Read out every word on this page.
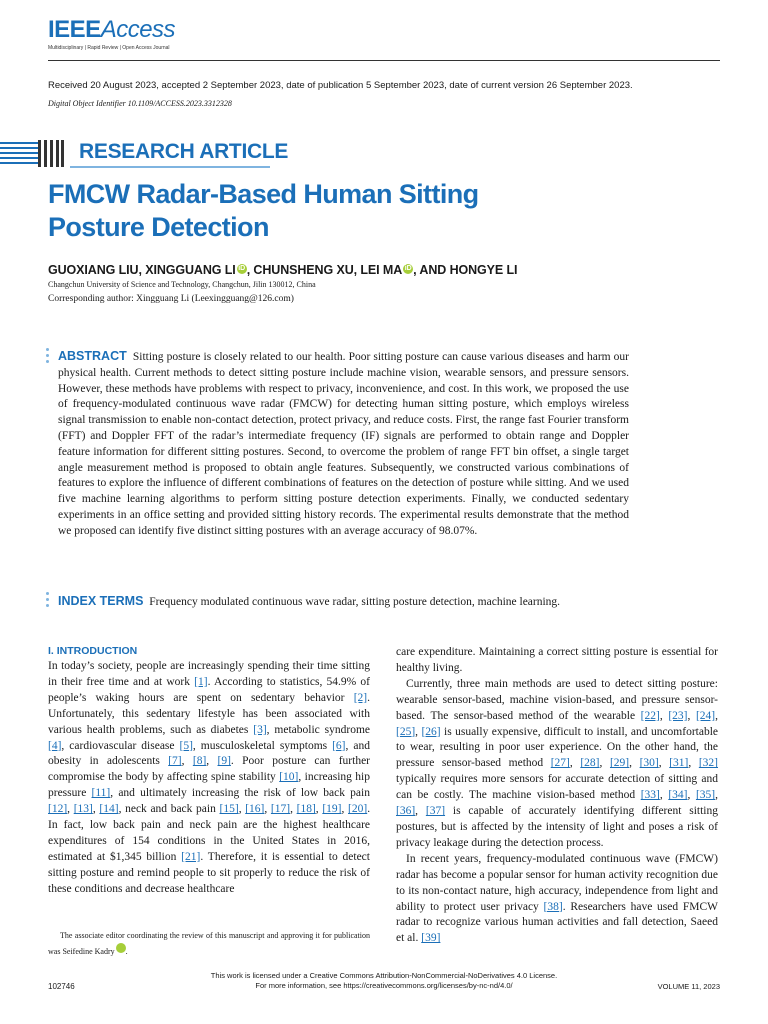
IEEEAccess
Multidisciplinary | Rapid Review | Open Access Journal
Received 20 August 2023, accepted 2 September 2023, date of publication 5 September 2023, date of current version 26 September 2023.
Digital Object Identifier 10.1109/ACCESS.2023.3312328
RESEARCH ARTICLE
FMCW Radar-Based Human Sitting
Posture Detection
GUOXIANG LIU, XINGGUANG LI iD , CHUNSHENG XU, LEI MA iD , AND HONGYE LI
Changchun University of Science and Technology, Changchun, Jilin 130012, China
Corresponding author: Xingguang Li (Leexingguang@126.com)
ABSTRACT Sitting posture is closely related to our health. Poor sitting posture can cause various diseases and harm our physical health. Current methods to detect sitting posture include machine vision, wearable sensors, and pressure sensors. However, these methods have problems with respect to privacy, inconvenience, and cost. In this work, we proposed the use of frequency-modulated continuous wave radar (FMCW) for detecting human sitting posture, which employs wireless signal transmission to enable non-contact detection, protect privacy, and reduce costs. First, the range fast Fourier transform (FFT) and Doppler FFT of the radar’s intermediate frequency (IF) signals are performed to obtain range and Doppler feature information for different sitting postures. Second, to overcome the problem of range FFT bin offset, a single target angle measurement method is proposed to obtain angle features. Subsequently, we constructed various combinations of features to explore the influence of different combinations of features on the detection of posture while sitting. And we used five machine learning algorithms to perform sitting posture detection experiments. Finally, we conducted sedentary experiments in an office setting and provided sitting history records. The experimental results demonstrate that the method we proposed can identify five distinct sitting postures with an average accuracy of 98.07%.
INDEX TERMS Frequency modulated continuous wave radar, sitting posture detection, machine learning.
I. INTRODUCTION

In today’s society, people are increasingly spending their time sitting in their free time and at work [1]. According to statistics, 54.9% of people’s waking hours are spent on sedentary behavior [2]. Unfortunately, this sedentary lifestyle has been associated with various health problems, such as diabetes [3], metabolic syndrome [4], cardiovascular disease [5], musculoskeletal symptoms [6], and obesity in adolescents [7], [8], [9]. Poor posture can further compromise the body by affecting spine stability [10], increasing hip pressure [11], and ultimately increasing the risk of low back pain [12], [13], [14], neck and back pain [15], [16], [17], [18], [19], [20]. In fact, low back pain and neck pain are the highest healthcare expenditures of 154 conditions in the United States in 2016, estimated at $1,345 billion [21]. Therefore, it is essential to detect sitting posture and remind people to sit properly to reduce the risk of these conditions and decrease healthcare

The associate editor coordinating the review of this manuscript and approving it for publication was Seifedine Kadry iD.

care expenditure. Maintaining a correct sitting posture is essential for healthy living.

Currently, three main methods are used to detect sitting posture: wearable sensor-based, machine vision-based, and pressure sensor-based. The sensor-based method of the wearable [22], [23], [24], [25], [26] is usually expensive, difficult to install, and uncomfortable to wear, resulting in poor user experience. On the other hand, the pressure sensor-based method [27], [28], [29], [30], [31], [32] typically requires more sensors for accurate detection of sitting and can be costly. The machine vision-based method [33], [34], [35], [36], [37] is capable of accurately identifying different sitting postures, but is affected by the intensity of light and poses a risk of privacy leakage during the detection process.

In recent years, frequency-modulated continuous wave (FMCW) radar has become a popular sensor for human activity recognition due to its non-contact nature, high accuracy, independence from light and ability to protect user privacy [38]. Researchers have used FMCW radar to recognize various human activities and fall detection, Saeed et al. [39]

This work is licensed under a Creative Commons Attribution-NonCommercial-NoDerivatives 4.0 License.
For more information, see https://creativecommons.org/licenses/by-nc-nd/4.0/
102746	VOLUME 11, 2023
